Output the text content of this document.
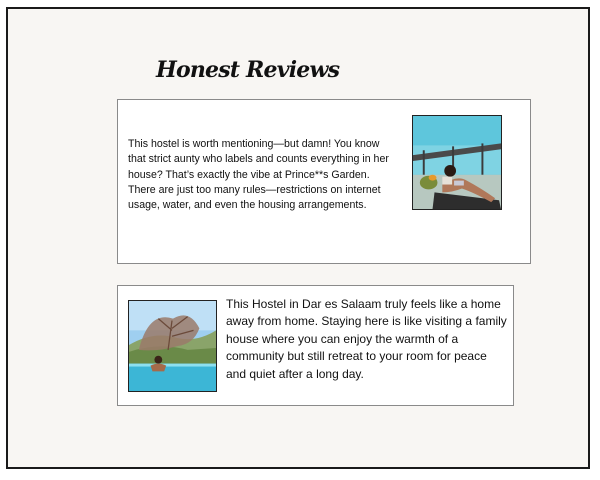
Honest Reviews

This hostel is worth mentioning—but damn! You know that strict aunty who labels and counts everything in her house? That’s exactly the vibe at Prince**s Garden. There are just too many rules—restrictions on internet usage, water, and even the housing arrangements.

This Hostel in Dar es Salaam truly feels like a home away from home. Staying here is like visiting a family house where you can enjoy the warmth of a community but still retreat to your room for peace and quiet after a long day.
